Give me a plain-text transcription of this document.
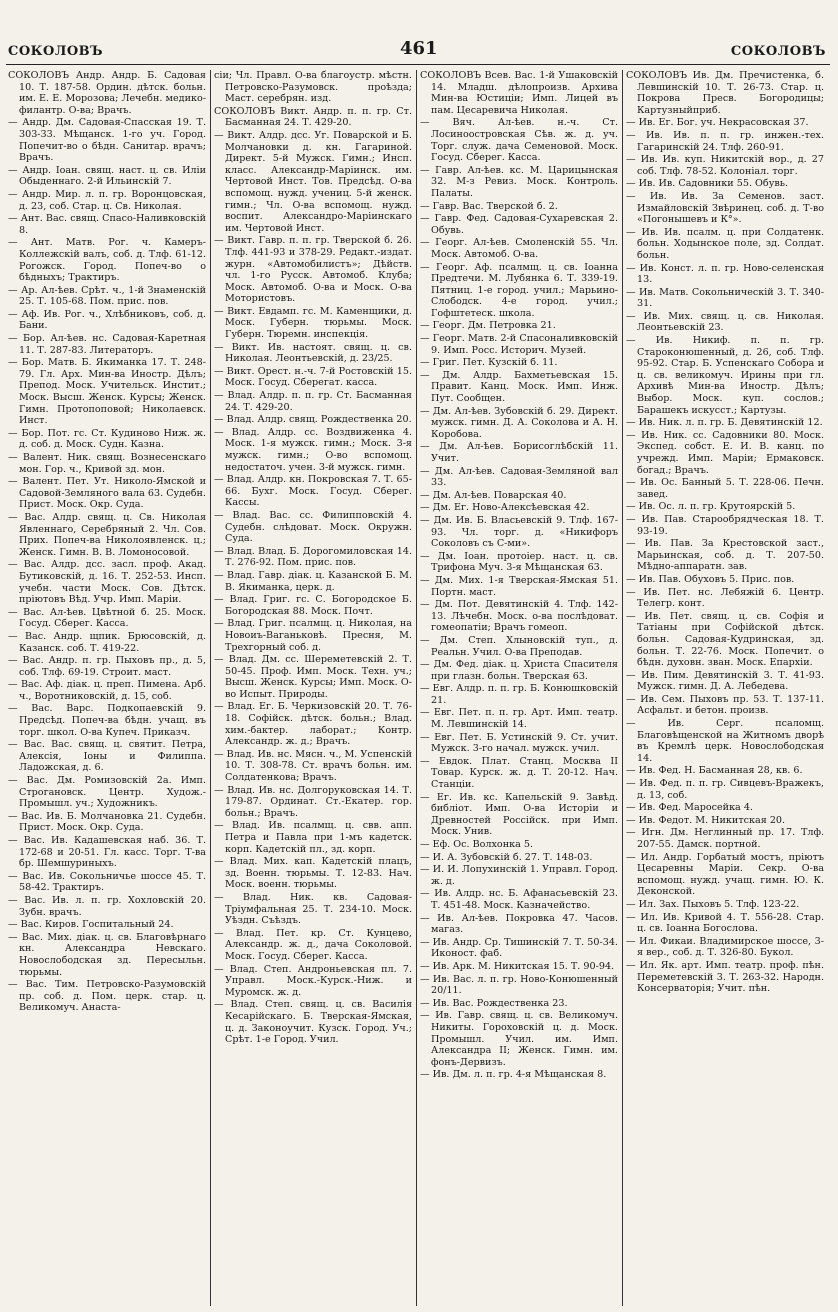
СОКОЛОВЪ	461	СОКОЛОВЪ

СОКОЛОВЪ Андр. Андр. Б. Садовая 10. Т. 187-58. Ордин. дѣтск. больн. им. Е. Е. Морозова; Лечебн. медико-филантр. О-ва; Врачъ.

— Андр. Дм. Садовая-Спасская 19. Т. 303-33. Мѣщанск. 1-го уч. Город. Попечит-во о бѣдн. Санитар. врачъ; Врачъ.

— Андр. Іоан. свящ. наст. ц. св. Иліи Обыденнаго. 2-й Ильинскій 7.

— Андр. Мир. л. п. гр. Воронцовская, д. 23, соб. Стар. ц. Св. Николая.

— Ант. Вас. свящ. Спасо-Наливковскій 8.

— Ант. Матв. Рог. ч. Камеръ-Коллежскій валъ, соб. д. Тлф. 61-12. Рогожск. Город. Попеч-во о бѣдныхъ; Трактиръ.

— Ар. Ал-ѣев. Срѣт. ч., 1-й Знаменскій 25. Т. 105-68. Пом. прис. пов.

— Аф. Ив. Рог. ч., Хлѣбниковъ, соб. д. Бани.

— Бор. Ал-ѣев. нс. Садовая-Каретная 11. Т. 287-83. Литераторъ.

— Бор. Матв. Б. Якиманка 17. Т. 248-79. Гл. Арх. Мин-ва Иностр. Дѣлъ; Препод. Моск. Учительск. Инстит.; Моск. Высш. Женск. Курсы; Женск. Гимн. Протопоповой; Николаевск. Инст.

— Бор. Пот. гс. Ст. Кудиново Ниж. ж. д. соб. д. Моск. Судн. Казна.

— Валент. Ник. свящ. Вознесенскаго мон. Гор. ч., Кривой зд. мон.

— Валент. Пет. Ут. Николо-Ямской и Садовой-Земляного вала 63. Судебн. Прист. Моск. Окр. Суда.

— Вас. Алдр. свящ. ц. Св. Николая Явленнаго, Серебряный 2. Чл. Сов. Прих. Попеч-ва Николоявленск. ц.; Женск. Гимн. В. В. Ломоносовой.

— Вас. Алдр. дсс. засл. проф. Акад. Бутиковскій, д. 16. Т. 252-53. Инсп. учебн. части Моск. Сов. Дѣтск. пріютовъ Вѣд. Учр. Имп. Маріи.

— Вас. Ал-ѣев. Цвѣтной б. 25. Моск. Госуд. Сберег. Касса.

— Вас. Андр. щпик. Брюсовскій, д. Казанск. соб. Т. 419-22.

— Вас. Андр. п. гр. Пыховъ пр., д. 5, соб. Тлф. 69-19. Строит. маст.

— Вас. Аф. діак. ц. преп. Пимена. Арб. ч., Воротниковскій, д. 15, соб.

— Вас. Варс. Подкопаевскій 9. Предсѣд. Попеч-ва бѣдн. учащ. въ торг. школ. О-ва Купеч. Приказч.

— Вас. Вас. свящ. ц. святит. Петра, Алексія, Іоны и Филиппа. Ладожская, д. 6.

— Вас. Дм. Ромизовскій 2а. Имп. Строгановск. Центр. Худож.-Промышл. уч.; Художникъ.

— Вас. Ив. Б. Молчановка 21. Судебн. Прист. Моск. Окр. Суда.

— Вас. Ив. Кадашевская наб. 36. Т. 172-68 и 20-51. Гл. касс. Торг. Т-ва бр. Шемшуриныхъ.

— Вас. Ив. Сокольничье шоссе 45. Т. 58-42. Трактиръ.

— Вас. Ив. л. п. гр. Хохловскій 20. Зубн. врачъ.

— Вас. Киров. Госпитальный 24.

— Вас. Мих. діак. ц. св. Благовѣрнаго кн. Александра Невскаго. Новослободская зд. Пересыльн. тюрьмы.

— Вас. Тим. Петровско-Разумовскій пр. соб. д. Пом. церк. стар. ц. Великомуч. Анаста-

сіи; Чл. Правл. О-ва благоустр. мѣстн. Петровско-Разумовск. проѣзда; Маст. серебрян. изд.

СОКОЛОВЪ Викт. Андр. п. п. гр. Ст. Басманная 24. Т. 429-20.

— Викт. Алдр. дсс. Уг. Поварской и Б. Молчановки д. кн. Гагариной. Директ. 5-й Мужск. Гимн.; Инсп. класс. Александр-Маріинск. им. Чертовой Инст. Тов. Предсѣд. О-ва вспомощ. нужд. учениц. 5-й женск. гимн.; Чл. О-ва вспомощ. нужд. воспит. Александро-Маріинскаго им. Чертовой Инст.

— Викт. Гавр. п. п. гр. Тверской б. 26. Тлф. 441-93 и 378-29. Редакт.-издат. журн. «Автомобилистъ»; Дѣйств. чл. 1-го Русск. Автомоб. Клуба; Моск. Автомоб. О-ва и Моск. О-ва Мотористовъ.

— Викт. Евдамп. гс. М. Каменщики, д. Моск. Губерн. тюрьмы. Моск. Губерн. Тюремн. инспекція.

— Викт. Ив. настоят. свящ. ц. св. Николая. Леонтьевскій, д. 23/25.

— Викт. Орест. н.-ч. 7-й Ростовскій 15. Моск. Госуд. Сберегат. касса.

— Влад. Алдр. п. п. гр. Ст. Басманная 24. Т. 429-20.

— Влад. Алдр. свящ. Рождественка 20.

— Влад. Алдр. сс. Воздвиженка 4. Моск. 1-я мужск. гимн.; Моск. 3-я мужск. гимн.; О-во вспомощ. недостаточ. учен. 3-й мужск. гимн.

— Влад. Алдр. кн. Покровская 7. Т. 65-66. Бухг. Моск. Госуд. Сберег. Кассы.

— Влад. Вас. сс. Филипповскій 4. Судебн. слѣдоват. Моск. Окружн. Суда.

— Влад. Влад. Б. Дорогомиловская 14. Т. 276-92. Пом. прис. пов.

— Влад. Гавр. діак. ц. Казанской Б. М. В. Якиманка, церк. д.

— Влад. Григ. гс. С. Богородское Б. Богородская 88. Моск. Почт.

— Влад. Григ. псалмщ. ц. Николая, на Новоиъ-Ваганьковѣ. Пресня, М. Трехгорный соб. д.

— Влад. Дм. сс. Шереметевскій 2. Т. 50-45. Проф. Имп. Моск. Техн. уч.; Высш. Женск. Курсы; Имп. Моск. О-во Испыт. Природы.

— Влад. Ег. Б. Черкизовскій 20. Т. 76-18. Софійск. дѣтск. больн.; Влад. хим.-бактер. лаборат.; Контр. Александр. ж. д.; Врачъ.

— Влад. Ив. нс. Мясн. ч., М. Успенскій 10. Т. 308-78. Ст. врачъ больн. им. Солдатенкова; Врачъ.

— Влад. Ив. нс. Долгоруковская 14. Т. 179-87. Ординат. Ст.-Екатер. гор. больн.; Врачъ.

— Влад. Ив. псалмщ. ц. свв. апп. Петра и Павла при 1-мъ кадетск. корп. Кадетскій пл., зд. корп.

— Влад. Мих. кап. Кадетскій плацъ, зд. Военн. тюрьмы. Т. 12-83. Нач. Моск. военн. тюрьмы.

— Влад. Ник. кв. Садовая-Тріумфальная 25. Т. 234-10. Моск. Уѣздн. Съѣздъ.

— Влад. Пет. кр. Ст. Кунцево, Александр. ж. д., дача Соколовой. Моск. Госуд. Сберег. Касса.

— Влад. Степ. Андроньевская пл. 7. Управл. Моск.-Курск.-Ниж. и Муромск. ж. д.

— Влад. Степ. свящ. ц. св. Василія Кесарійскаго. Б. Тверская-Ямская, ц. д. Законоучит. Кузск. Город. Уч.; Срѣт. 1-е Город. Учил.

СОКОЛОВЪ Всев. Вас. 1-й Ушаковскій 14. Младш. дѣлопроизв. Архива Мин-ва Юстиціи; Имп. Лицей въ пам. Цесаревича Николая.

— Вяч. Ал-ѣев. н.-ч. Ст. Лосиноостровская Сѣв. ж. д. уч. Торг. служ. дача Семеновой. Моск. Госуд. Сберег. Касса.

— Гавр. Ал-ѣев. кс. М. Царицынская 32. М-з Ревиз. Моск. Контроль. Палаты.

— Гавр. Вас. Тверской б. 2.

— Гавр. Фед. Садовая-Сухаревская 2. Обувь.

— Георг. Ал-ѣев. Смоленскій 55. Чл. Моск. Автомоб. О-ва.

— Георг. Аф. псалмщ. ц. св. Іоанна Предтечи. М. Лубянка 6. Т. 339-19. Пятниц. 1-е город. учил.; Марьино-Слободск. 4-е город. учил.; Гофштетеск. школа.

— Георг. Дм. Петровка 21.

— Георг. Матв. 2-й Спасоналивковскій 9. Имп. Росс. Историч. Музей.

— Григ. Пет. Кузскій б. 11.

— Дм. Алдр. Бахметьевская 15. Правит. Канц. Моск. Имп. Инж. Пут. Сообщен.

— Дм. Ал-ѣев. Зубовскій б. 29. Директ. мужск. гимн. Д. А. Соколова и А. Н. Коробова.

— Дм. Ал-ѣев. Борисоглѣбскій 11. Учит.

— Дм. Ал-ѣев. Садовая-Земляной вал 33.

— Дм. Ал-ѣев. Поварская 40.

— Дм. Ег. Ново-Алексѣевская 42.

— Дм. Ив. Б. Власьевскій 9. Тлф. 167-93. Чл. торг. д. «Никифоръ Соколовъ съ С-ми».

— Дм. Іоан. протоіер. наст. ц. св. Трифона Муч. 3-я Мѣщанская 63.

— Дм. Мих. 1-я Тверская-Ямская 51. Портн. маст.

— Дм. Пот. Девятинскій 4. Тлф. 142-13. Лѣчебн. Моск. о-ва послѣдоват. гомеопатіи; Врачъ гомеоп.

— Дм. Степ. Хлыновскій туп., д. Реальн. Учил. О-ва Преподав.

— Дм. Фед. діак. ц. Христа Спасителя при глазн. больн. Тверская 63.

— Евг. Алдр. п. п. гр. Б. Конюшковскій 21.

— Евг. Пет. п. п. гр. Арт. Имп. театр. М. Левшинскій 14.

— Евг. Пет. Б. Устинскій 9. Ст. учит. Мужск. 3-го начал. мужск. учил.

— Евдок. Плат. Станц. Москва II Товар. Курск. ж. д. Т. 20-12. Нач. Станціи.

— Ег. Ив. кс. Капельскій 9. Завѣд. библіот. Имп. О-ва Исторіи и Древностей Россійск. при Имп. Моск. Унив.

— Еф. Ос. Волхонка 5.

— И. А. Зубовскій б. 27. Т. 148-03.

— И. И. Лопухинскій 1. Управл. Город. ж. д.

— Ив. Алдр. нс. Б. Афанасьевскій 23. Т. 451-48. Моск. Казначейство.

— Ив. Ал-ѣев. Покровка 47. Часов. магаз.

— Ив. Андр. Ср. Тишинскій 7. Т. 50-34. Иконост. фаб.

— Ив. Арк. М. Никитская 15. Т. 90-94.

— Ив. Вас. л. п. гр. Ново-Конюшенный 20/11.

— Ив. Вас. Рождественка 23.

— Ив. Гавр. свящ. ц. св. Великомуч. Никиты. Гороховскій ц. д. Моск. Промышл. Учил. им. Имп. Александра II; Женск. Гимн. им. фонъ-Дервизъ.

— Ив. Дм. л. п. гр. 4-я Мѣщанская 8.

СОКОЛОВЪ Ив. Дм. Пречистенка, б. Левшинскій 10. Т. 26-73. Стар. ц. Покрова Пресв. Богородицы; Картузныйприб.

— Ив. Ег. Бог. уч. Некрасовская 37.

— Ив. Ив. п. п. гр. инжен.-тех. Гагаринскій 24. Тлф. 260-91.

— Ив. Ив. куп. Никитскій вор., д. 27 соб. Тлф. 78-52. Колоніал. торг.

— Ив. Ив. Садовники 55. Обувь.

— Ив. Ив. За Семенов. заст. Измайловскій Звѣринец. соб. д. Т-во «Погонышевъ и К°».

— Ив. Ив. псалм. ц. при Солдатенк. больн. Ходынское поле, зд. Солдат. больн.

— Ив. Конст. л. п. гр. Ново-селенская 13.

— Ив. Матв. Сокольническій 3. Т. 340-31.

— Ив. Мих. свящ. ц. св. Николая. Леонтьевскій 23.

— Ив. Никиф. п. п. гр. Староконюшенный, д. 26, соб. Тлф. 95-92. Стар. Б. Успенскаго Собора и ц. св. великомуч. Ирины при гл. Архивѣ Мин-ва Иностр. Дѣлъ; Выбор. Моск. куп. сослов.; Барашекъ искусст.; Картузы.

— Ив. Ник. л. п. гр. Б. Девятинскій 12.

— Ив. Ник. сс. Садовники 80. Моск. Экспед. собст. Е. И. В. канц. по учрежд. Имп. Маріи; Ермаковск. богад.; Врачъ.

— Ив. Ос. Банный 5. Т. 228-06. Печн. завед.

— Ив. Ос. л. п. гр. Крутоярскій 5.

— Ив. Пав. Старообрядческая 18. Т. 93-19.

— Ив. Пав. За Крестовской заст., Марьинская, соб. д. Т. 207-50. Мѣдно-аппаратн. зав.

— Ив. Пав. Обуховъ 5. Прис. пов.

— Ив. Пет. нс. Лебяжій 6. Центр. Телегр. конт.

— Ив. Пет. свящ. ц. св. Софія и Татіаны при Софійской дѣтск. больн. Садовая-Кудринская, зд. больн. Т. 22-76. Моск. Попечит. о бѣдн. духовн. зван. Моск. Епархіи.

— Ив. Пим. Девятинскій 3. Т. 41-93. Мужск. гимн. Д. А. Лебедева.

— Ив. Сем. Пыховъ пр. 53. Т. 137-11. Асфальт. и бетон. произв.

— Ив. Серг. псаломщ. Благовѣщенской на Житномъ дворѣ въ Кремлѣ церк. Новослободская 14.

— Ив. Фед. Н. Басманная 28, кв. 6.

— Ив. Фед. п. п. гр. Сивцевъ-Вражекъ, д. 13, соб.

— Ив. Фед. Маросейка 4.

— Ив. Федот. М. Никитская 20.

— Игн. Дм. Неглинный пр. 17. Тлф. 207-55. Дамск. портной.

— Ил. Андр. Горбатый мостъ, пріютъ Цесаревны Маріи. Секр. О-ва вспомощ. нужд. учащ. гимн. Ю. К. Деконской.

— Ил. Зах. Пыховъ 5. Тлф. 123-22.

— Ил. Ив. Кривой 4. Т. 556-28. Стар. ц. св. Іоанна Богослова.

— Ил. Фикаи. Владимирское шоссе, 3-я вер., соб. д. Т. 326-80. Букол.

— Ил. Як. арт. Имп. театр. проф. пѣн. Переметевскій 3. Т. 263-32. Народн. Консерваторія; Учит. пѣн.
